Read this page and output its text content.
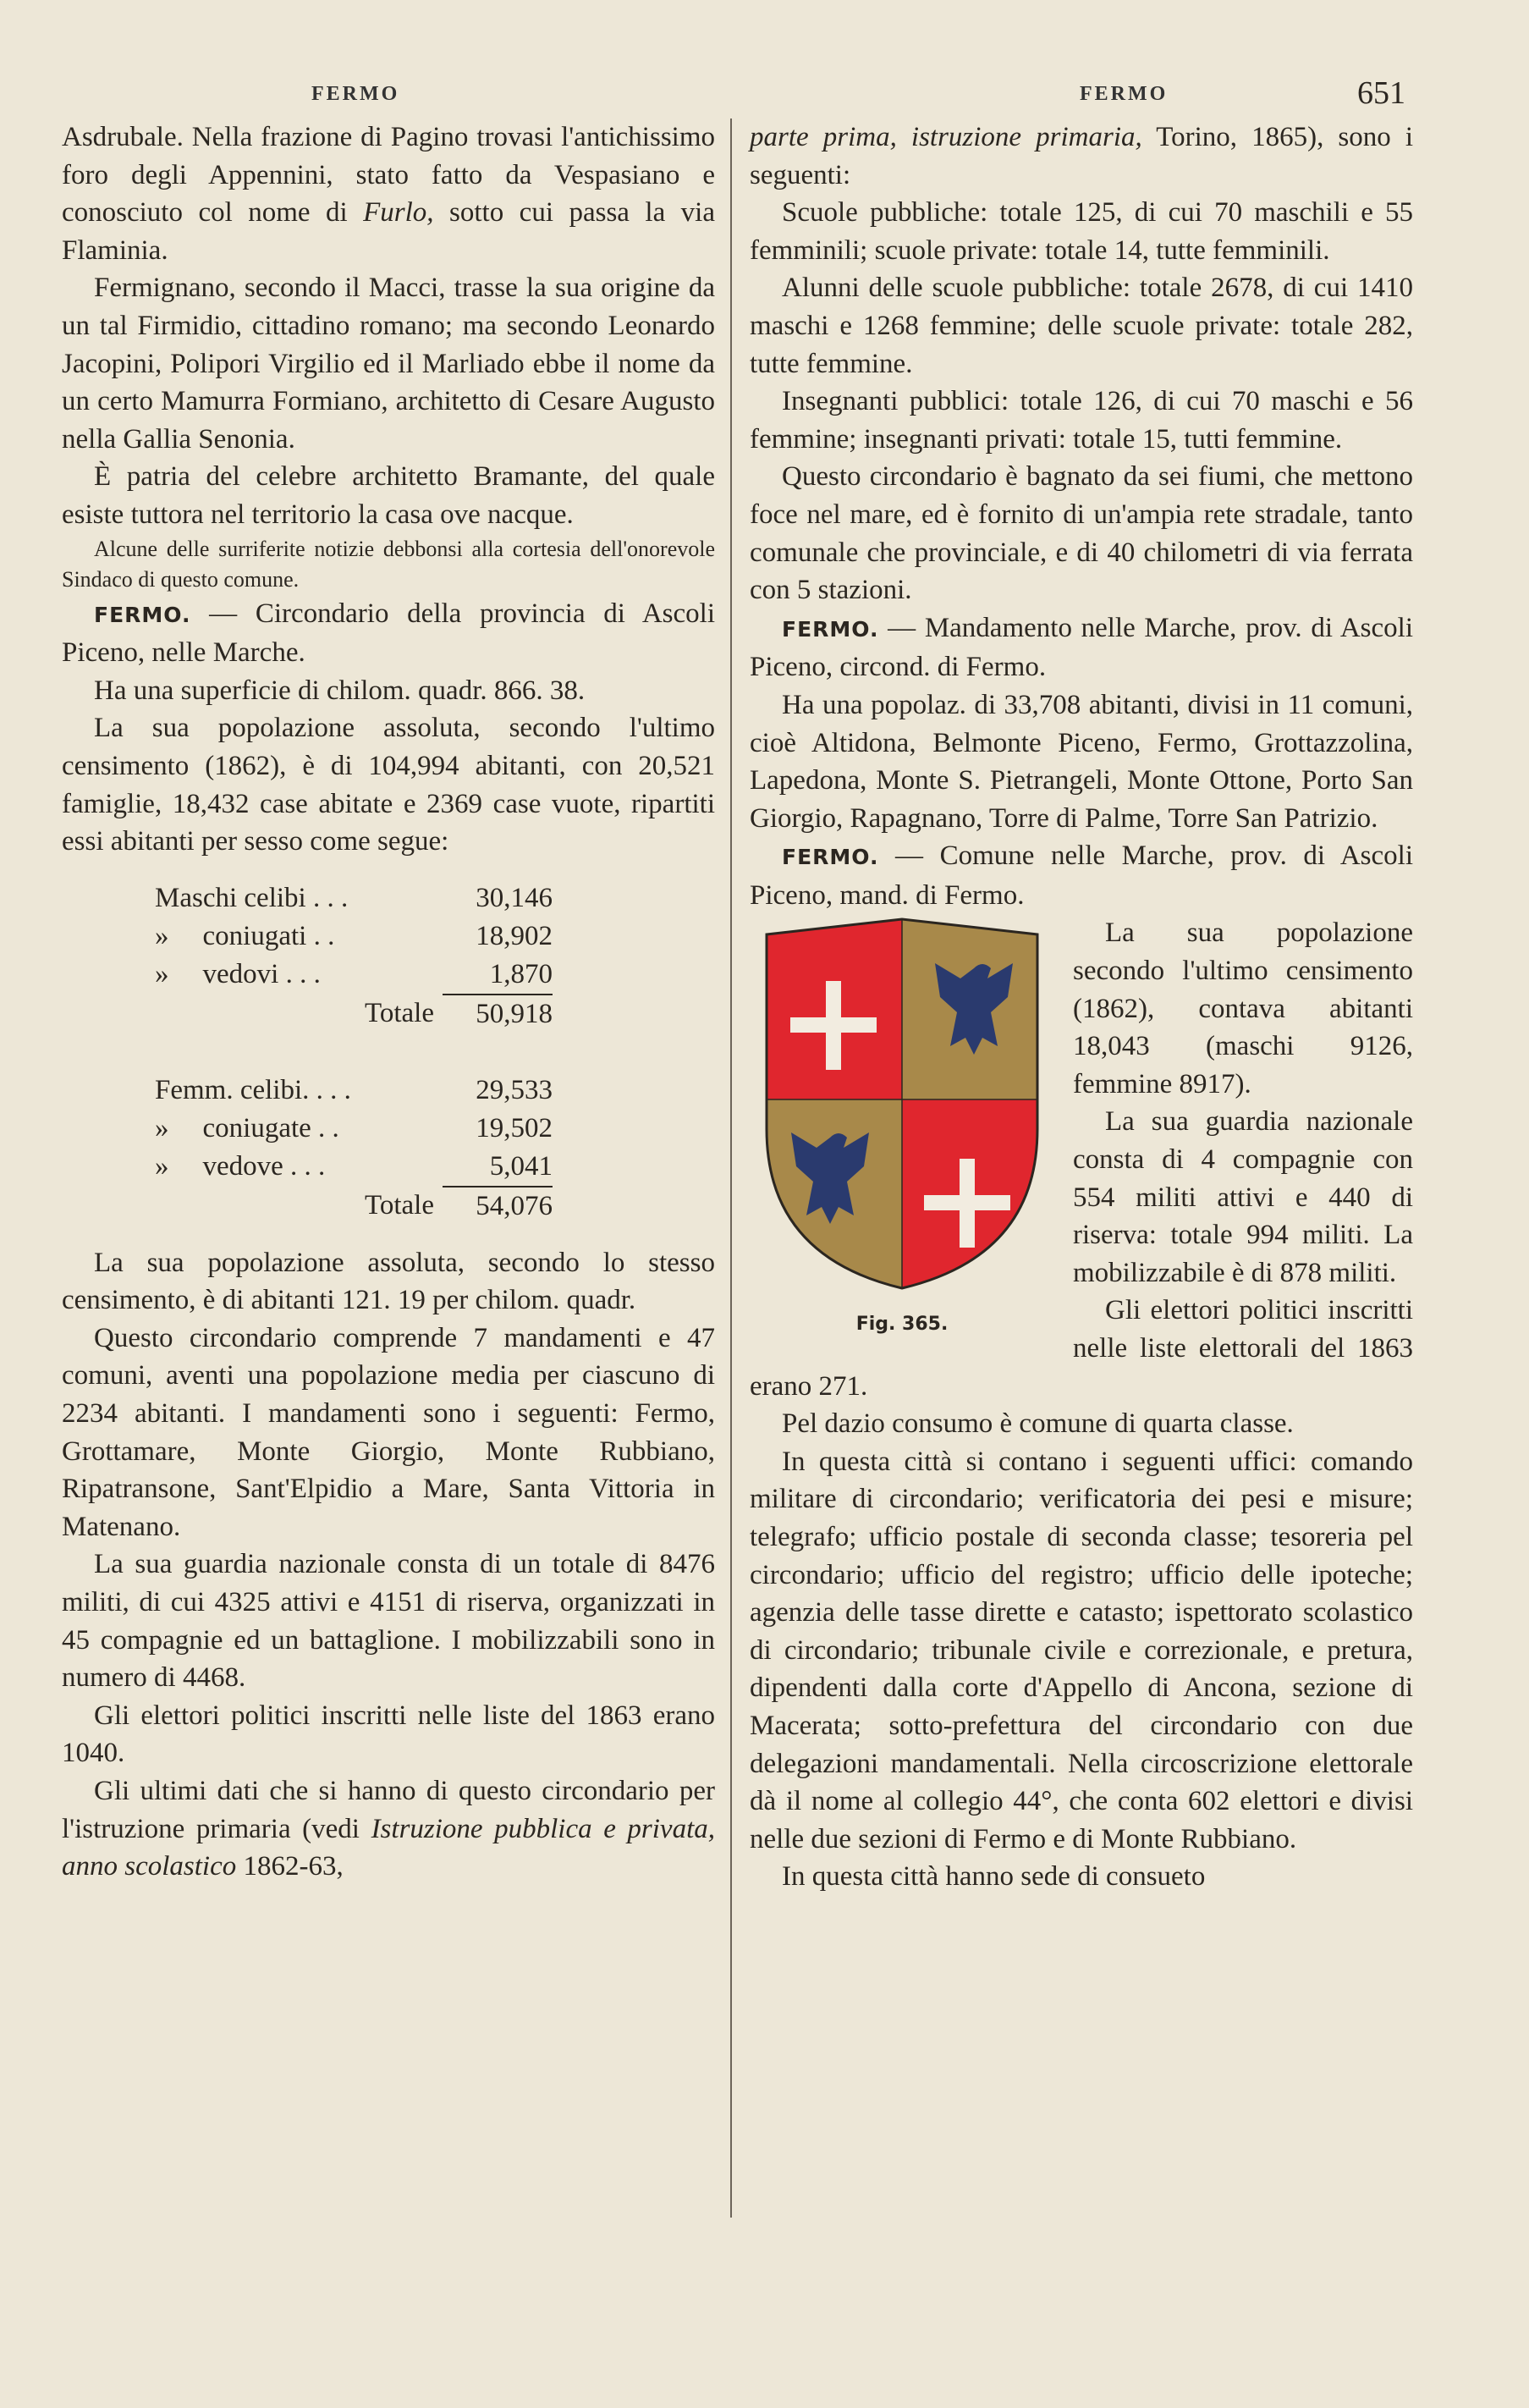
FERMO	FERMO	651

Asdrubale. Nella frazione di Pagino trovasi l'antichissimo foro degli Appennini, stato fatto da Vespasiano e conosciuto col nome di Furlo, sotto cui passa la via Flaminia.

Fermignano, secondo il Macci, trasse la sua origine da un tal Firmidio, cittadino romano; ma secondo Leonardo Jacopini, Polipori Virgilio ed il Marliado ebbe il nome da un certo Mamurra Formiano, architetto di Cesare Augusto nella Gallia Senonia.

È patria del celebre architetto Bramante, del quale esiste tuttora nel territorio la casa ove nacque.

Alcune delle surriferite notizie debbonsi alla cortesia dell'onorevole Sindaco di questo comune.

FERMO. — Circondario della provincia di Ascoli Piceno, nelle Marche.

Ha una superficie di chilom. quadr. 866. 38.

La sua popolazione assoluta, secondo l'ultimo censimento (1862), è di 104,994 abitanti, con 20,521 famiglie, 18,432 case abitate e 2369 case vuote, ripartiti essi abitanti per sesso come segue:

Maschi celibi . . .	30,146
» coniugati . .	18,902
» vedovi . . .	1,870
Totale	50,918

Femm. celibi. . . .	29,533
» coniugate . .	19,502
» vedove . . .	5,041
Totale	54,076

La sua popolazione assoluta, secondo lo stesso censimento, è di abitanti 121. 19 per chilom. quadr.

Questo circondario comprende 7 mandamenti e 47 comuni, aventi una popolazione media per ciascuno di 2234 abitanti. I mandamenti sono i seguenti: Fermo, Grottamare, Monte Giorgio, Monte Rubbiano, Ripatransone, Sant'Elpidio a Mare, Santa Vittoria in Matenano.

La sua guardia nazionale consta di un totale di 8476 militi, di cui 4325 attivi e 4151 di riserva, organizzati in 45 compagnie ed un battaglione. I mobilizzabili sono in numero di 4468.

Gli elettori politici inscritti nelle liste del 1863 erano 1040.

Gli ultimi dati che si hanno di questo circondario per l'istruzione primaria (vedi Istruzione pubblica e privata, anno scolastico 1862-63,

parte prima, istruzione primaria, Torino, 1865), sono i seguenti:

Scuole pubbliche: totale 125, di cui 70 maschili e 55 femminili; scuole private: totale 14, tutte femminili.

Alunni delle scuole pubbliche: totale 2678, di cui 1410 maschi e 1268 femmine; delle scuole private: totale 282, tutte femmine.

Insegnanti pubblici: totale 126, di cui 70 maschi e 56 femmine; insegnanti privati: totale 15, tutti femmine.

Questo circondario è bagnato da sei fiumi, che mettono foce nel mare, ed è fornito di un'ampia rete stradale, tanto comunale che provinciale, e di 40 chilometri di via ferrata con 5 stazioni.

FERMO. — Mandamento nelle Marche, prov. di Ascoli Piceno, circond. di Fermo.

Ha una popolaz. di 33,708 abitanti, divisi in 11 comuni, cioè Altidona, Belmonte Piceno, Fermo, Grottazzolina, Lapedona, Monte S. Pietrangeli, Monte Ottone, Porto San Giorgio, Rapagnano, Torre di Palme, Torre San Patrizio.

FERMO. — Comune nelle Marche, prov. di Ascoli Piceno, mand. di Fermo.

Fig. 365.

La sua popolazione secondo l'ultimo censimento (1862), contava abitanti 18,043 (maschi 9126, femmine 8917).

La sua guardia nazionale consta di 4 compagnie con 554 militi attivi e 440 di riserva: totale 994 militi. La mobilizzabile è di 878 militi.

Gli elettori politici inscritti nelle liste elettorali del 1863 erano 271.

Pel dazio consumo è comune di quarta classe.

In questa città si contano i seguenti uffici: comando militare di circondario; verificatoria dei pesi e misure; telegrafo; ufficio postale di seconda classe; tesoreria pel circondario; ufficio del registro; ufficio delle ipoteche; agenzia delle tasse dirette e catasto; ispettorato scolastico di circondario; tribunale civile e correzionale, e pretura, dipendenti dalla corte d'Appello di Ancona, sezione di Macerata; sotto-prefettura del circondario con due delegazioni mandamentali. Nella circoscrizione elettorale dà il nome al collegio 44°, che conta 602 elettori e divisi nelle due sezioni di Fermo e di Monte Rubbiano.

In questa città hanno sede di consueto
